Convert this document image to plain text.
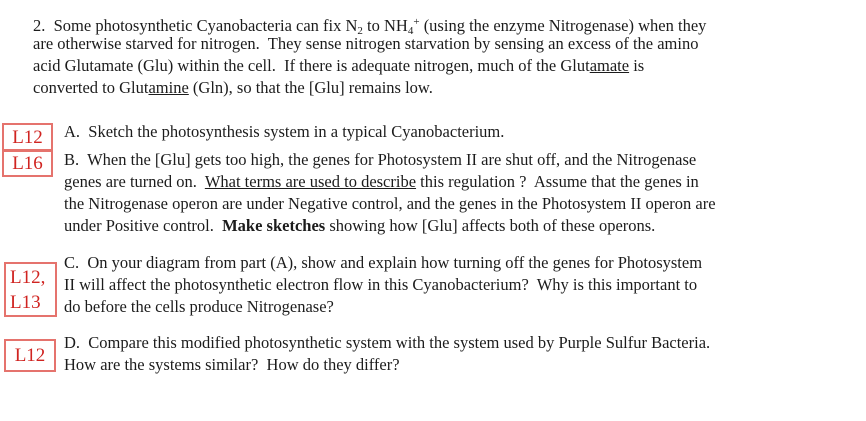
2.  Some photosynthetic Cyanobacteria can fix N2 to NH4+ (using the enzyme Nitrogenase) when they
are otherwise starved for nitrogen.  They sense nitrogen starvation by sensing an excess of the amino
acid Glutamate (Glu) within the cell.  If there is adequate nitrogen, much of the Glutamate is
converted to Glutamine (Gln), so that the [Glu] remains low.
L12 A.  Sketch the photosynthesis system in a typical Cyanobacterium.
L16 B.  When the [Glu] gets too high, the genes for Photosystem II are shut off, and the Nitrogenase
genes are turned on.  What terms are used to describe this regulation ?  Assume that the genes in
the Nitrogenase operon are under Negative control, and the genes in the Photosystem II operon are
under Positive control.  Make sketches showing how [Glu] affects both of these operons.
L12,
L13
C.  On your diagram from part (A), show and explain how turning off the genes for Photosystem
II will affect the photosynthetic electron flow in this Cyanobacterium?  Why is this important to
do before the cells produce Nitrogenase?
L12
D.  Compare this modified photosynthetic system with the system used by Purple Sulfur Bacteria.
How are the systems similar?  How do they differ?
